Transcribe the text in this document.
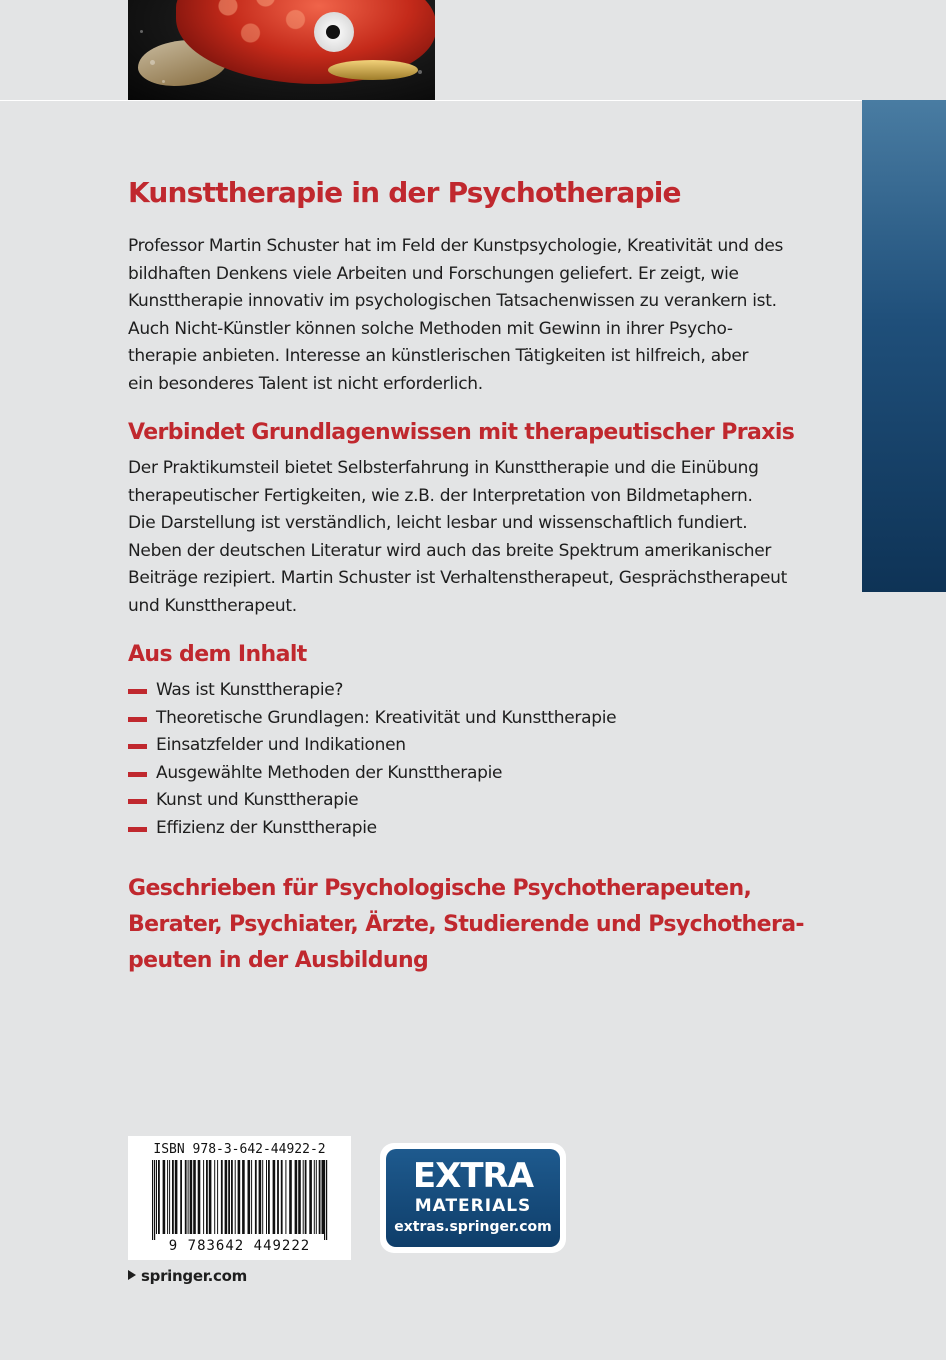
Kunsttherapie in der Psychotherapie

Professor Martin Schuster hat im Feld der Kunstpsychologie, Kreativität und des
bildhaften Denkens viele Arbeiten und Forschungen geliefert. Er zeigt, wie
Kunsttherapie innovativ im psychologischen Tatsachenwissen zu verankern ist.
Auch Nicht-Künstler können solche Methoden mit Gewinn in ihrer Psycho-
therapie anbieten. Interesse an künstlerischen Tätigkeiten ist hilfreich, aber
ein besonderes Talent ist nicht erforderlich.

Verbindet Grundlagenwissen mit therapeutischer Praxis

Der Praktikumsteil bietet Selbsterfahrung in Kunsttherapie und die Einübung
therapeutischer Fertigkeiten, wie z.B. der Interpretation von Bildmetaphern.
Die Darstellung ist verständlich, leicht lesbar und wissenschaftlich fundiert.
Neben der deutschen Literatur wird auch das breite Spektrum amerikanischer
Beiträge rezipiert. Martin Schuster ist Verhaltenstherapeut, Gesprächstherapeut
und Kunsttherapeut.

Aus dem Inhalt
Was ist Kunsttherapie?
Theoretische Grundlagen: Kreativität und Kunsttherapie
Einsatzfelder und Indikationen
Ausgewählte Methoden der Kunsttherapie
Kunst und Kunsttherapie
Effizienz der Kunsttherapie

Geschrieben für Psychologische Psychotherapeuten,
Berater, Psychiater, Ärzte, Studierende und Psychothera-
peuten in der Ausbildung

ISBN 978-3-642-44922-2
9 783642 449222
EXTRA
MATERIALS
extras.springer.com
springer.com
